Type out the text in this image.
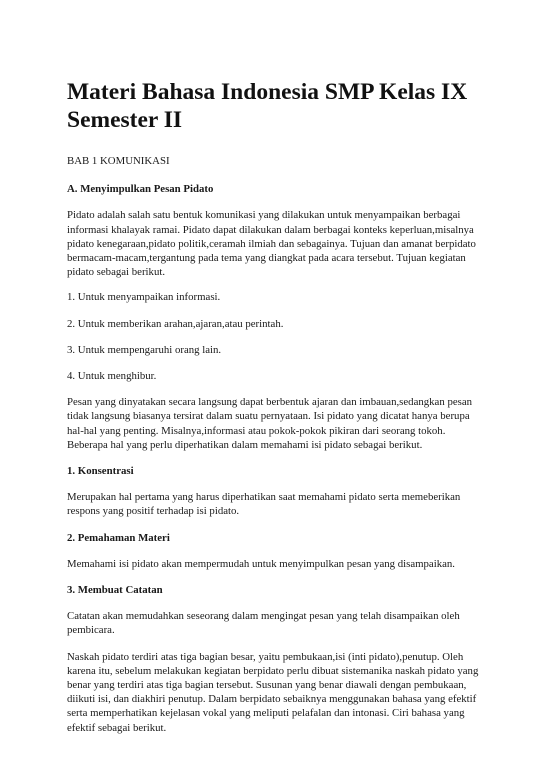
Materi Bahasa Indonesia SMP Kelas IX Semester II

BAB 1 KOMUNIKASI

A. Menyimpulkan Pesan Pidato

Pidato adalah salah satu bentuk komunikasi yang dilakukan untuk menyampaikan berbagai informasi khalayak ramai. Pidato dapat dilakukan dalam berbagai konteks keperluan,misalnya pidato kenegaraan,pidato politik,ceramah ilmiah dan sebagainya. Tujuan dan amanat berpidato bermacam-macam,tergantung pada tema yang diangkat pada acara tersebut. Tujuan kegiatan pidato sebagai berikut.

1. Untuk menyampaikan informasi.

2. Untuk memberikan arahan,ajaran,atau perintah.

3. Untuk mempengaruhi orang lain.

4. Untuk menghibur.

Pesan yang dinyatakan secara langsung dapat berbentuk ajaran dan imbauan,sedangkan pesan tidak langsung biasanya tersirat dalam suatu pernyataan. Isi pidato yang dicatat hanya berupa hal-hal yang penting. Misalnya,informasi atau pokok-pokok pikiran dari seorang tokoh. Beberapa hal yang perlu diperhatikan dalam memahami isi pidato sebagai berikut.

1. Konsentrasi

Merupakan hal pertama yang harus diperhatikan saat memahami pidato serta memeberikan respons yang positif terhadap isi pidato.

2. Pemahaman Materi

Memahami isi pidato akan mempermudah untuk menyimpulkan pesan yang disampaikan.

3. Membuat Catatan

Catatan akan memudahkan seseorang dalam mengingat pesan yang telah disampaikan oleh pembicara.

Naskah pidato terdiri atas tiga bagian besar, yaitu pembukaan,isi (inti pidato),penutup. Oleh karena itu, sebelum melakukan kegiatan berpidato perlu dibuat sistemanika naskah pidato yang benar yang terdiri atas tiga bagian tersebut. Susunan yang benar diawali dengan pembukaan, diikuti isi, dan diakhiri penutup. Dalam berpidato sebaiknya menggunakan bahasa yang efektif serta memperhatikan kejelasan vokal yang meliputi pelafalan dan intonasi. Ciri bahasa yang efektif sebagai berikut.
